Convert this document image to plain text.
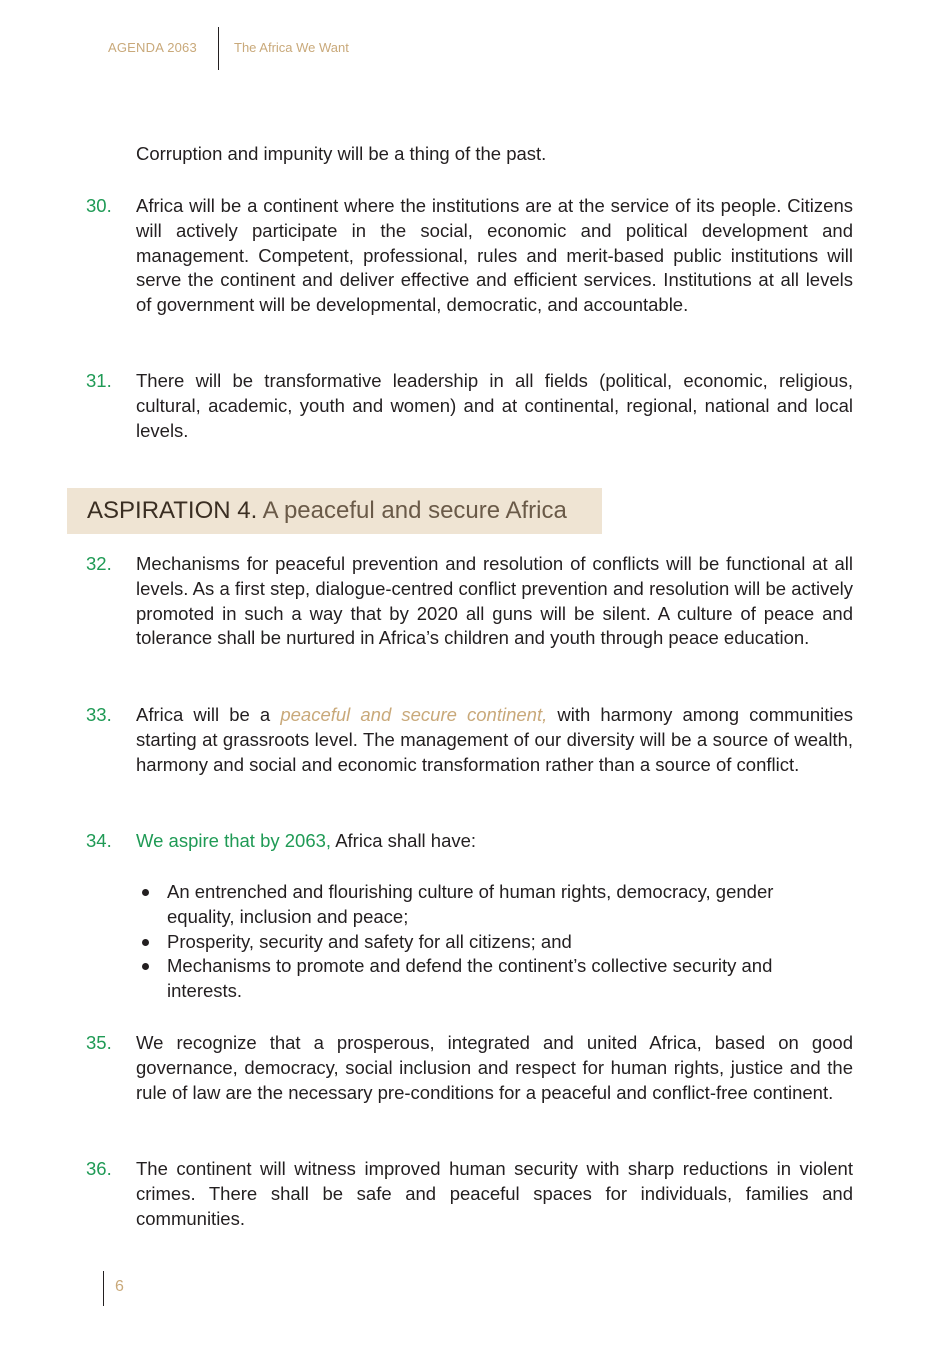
AGENDA 2063	The Africa We Want
Corruption and impunity will be a thing of the past.
30. Africa will be a continent where the institutions are at the service of its people. Citizens will actively participate in the social, economic and political development and management. Competent, professional, rules and merit-based public institutions will serve the continent and deliver effective and efficient services. Institutions at all levels of government will be developmental, democratic, and accountable.
31. There will be transformative leadership in all fields (political, economic, religious, cultural, academic, youth and women) and at continental, regional, national and local levels.
ASPIRATION 4. A peaceful and secure Africa
32. Mechanisms for peaceful prevention and resolution of conflicts will be functional at all levels. As a first step, dialogue-centred conflict prevention and resolution will be actively promoted in such a way that by 2020 all guns will be silent. A culture of peace and tolerance shall be nurtured in Africa’s children and youth through peace education.
33. Africa will be a peaceful and secure continent, with harmony among communities starting at grassroots level. The management of our diversity will be a source of wealth, harmony and social and economic transformation rather than a source of conflict.
34. We aspire that by 2063, Africa shall have:
An entrenched and flourishing culture of human rights, democracy, gender equality, inclusion and peace;
Prosperity, security and safety for all citizens; and
Mechanisms to promote and defend the continent’s collective security and interests.
35. We recognize that a prosperous, integrated and united Africa, based on good governance, democracy, social inclusion and respect for human rights, justice and the rule of law are the necessary pre-conditions for a peaceful and conflict-free continent.
36. The continent will witness improved human security with sharp reductions in violent crimes. There shall be safe and peaceful spaces for individuals, families and communities.
6
